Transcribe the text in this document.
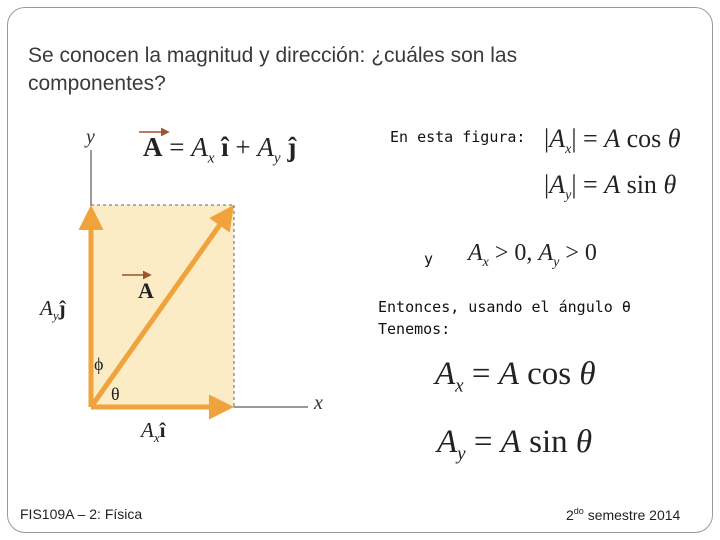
Se conocen la magnitud y dirección: ¿cuáles son las componentes?
y
x
$A = A_x$ î + $A_y$ ĵ
A
$A_yĵ$
$A_xî$
ϕ
θ
En esta figura: $|A_x| = A$ cos θ
$|A_y| = A$ sin θ
y $A_x > 0$, $A_y > 0$
Entonces, usando el ángulo θ
Tenemos:
$A_x = A$ cos θ
$A_y = A$ sin θ
FIS109A – 2: Física	$2^{do}$ semestre 2014
